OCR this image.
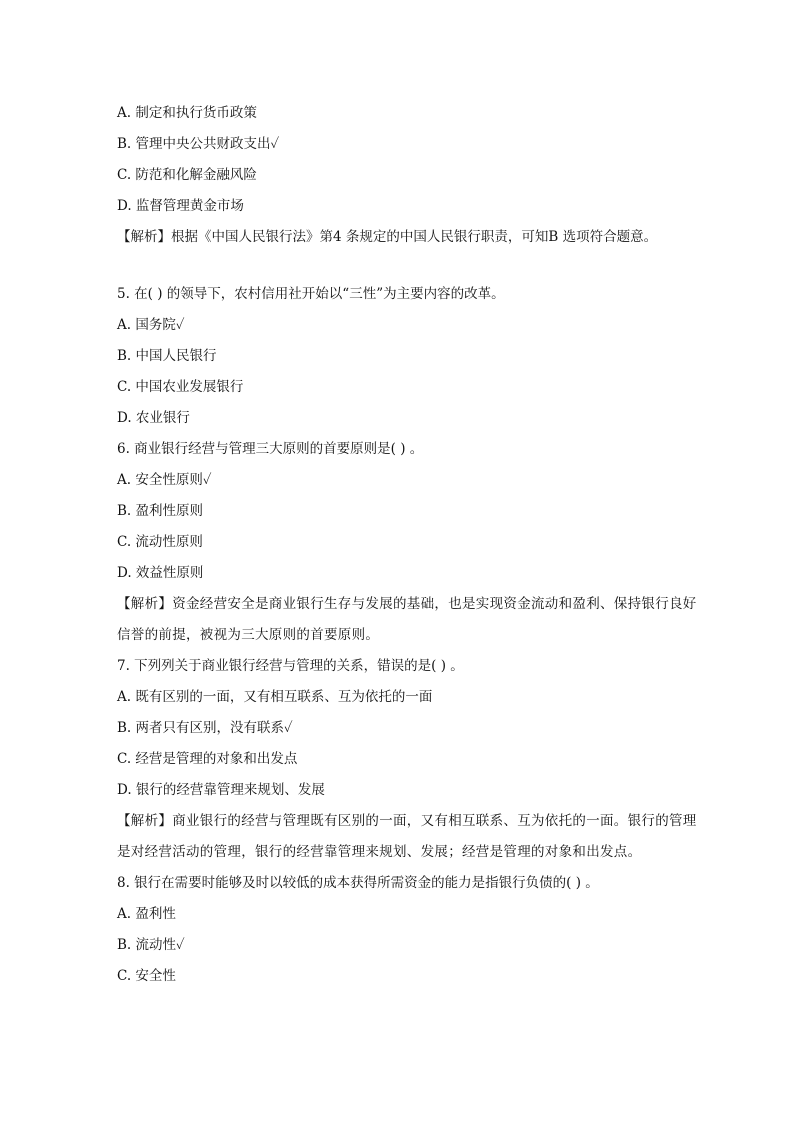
A. 制定和执行货币政策
B. 管理中央公共财政支出✓
C. 防范和化解金融风险
D. 监督管理黄金市场
【解析】根据《中国人民银行法》第4 条规定的中国人民银行职责，可知B 选项符合题意。
5. 在( ) 的领导下，农村信用社开始以“三性”为主要内容的改革。
A. 国务院✓
B. 中国人民银行
C. 中国农业发展银行
D. 农业银行
6. 商业银行经营与管理三大原则的首要原则是( ) 。
A. 安全性原则✓
B. 盈利性原则
C. 流动性原则
D. 效益性原则
【解析】资金经营安全是商业银行生存与发展的基础，也是实现资金流动和盈利、保持银行良好信誉的前提，被视为三大原则的首要原则。
7. 下列列关于商业银行经营与管理的关系，错误的是( ) 。
A. 既有区别的一面，又有相互联系、互为依托的一面
B. 两者只有区别，没有联系✓
C. 经营是管理的对象和出发点
D. 银行的经营靠管理来规划、发展
【解析】商业银行的经营与管理既有区别的一面，又有相互联系、互为依托的一面。银行的管理是对经营活动的管理，银行的经营靠管理来规划、发展；经营是管理的对象和出发点。
8. 银行在需要时能够及时以较低的成本获得所需资金的能力是指银行负债的( ) 。
A. 盈利性
B. 流动性✓
C. 安全性
